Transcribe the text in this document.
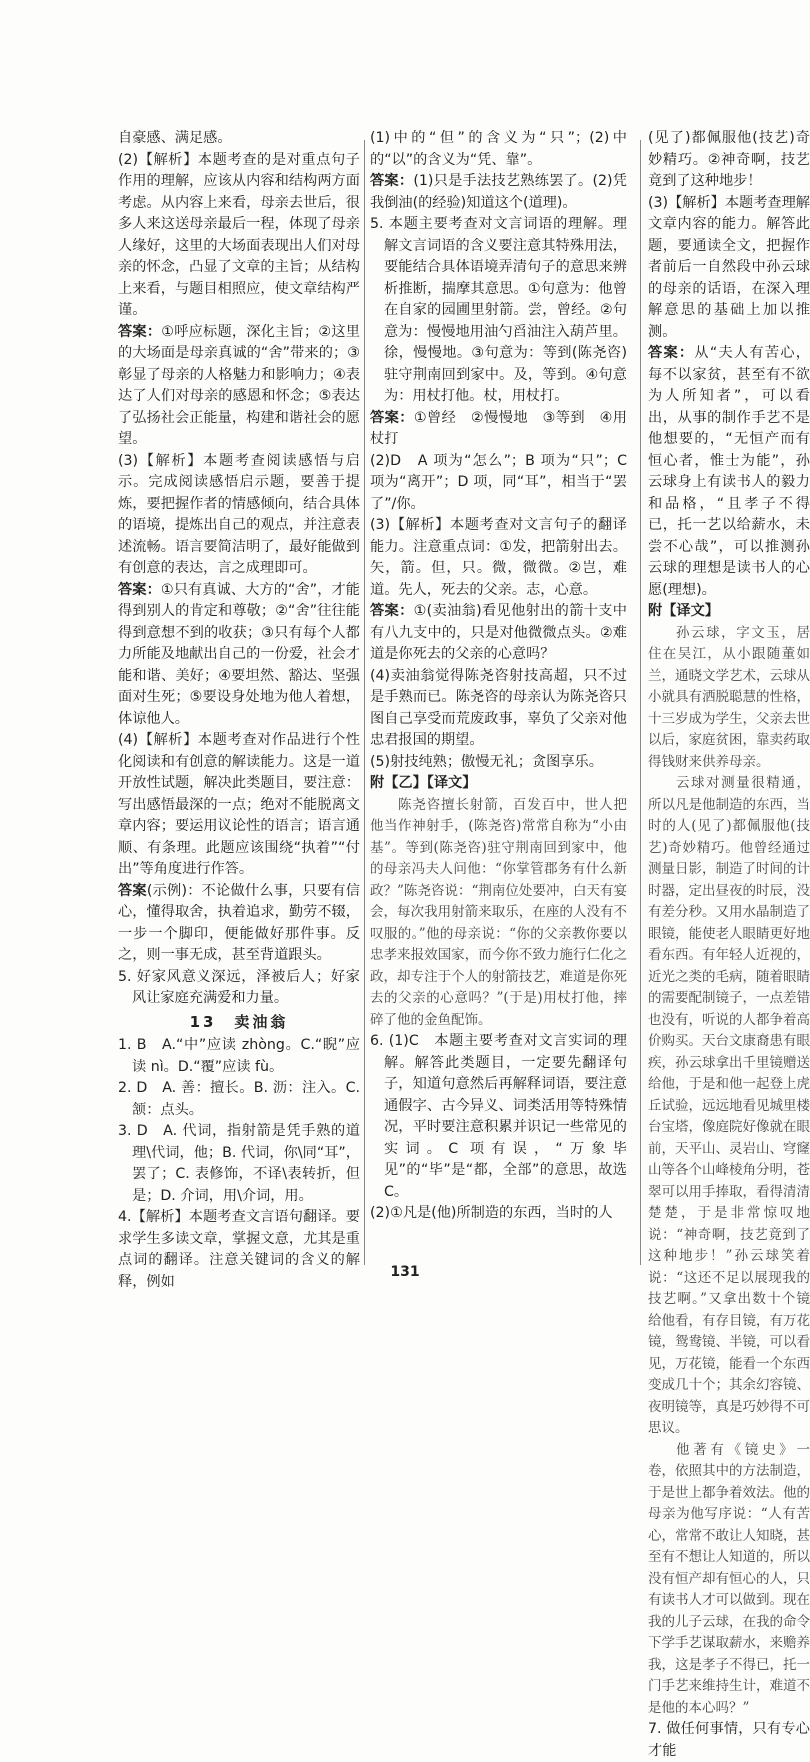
自豪感、满足感。

(2)【解析】本题考查的是对重点句子作用的理解，应该从内容和结构两方面考虑。从内容上来看，母亲去世后，很多人来这送母亲最后一程，体现了母亲人缘好，这里的大场面表现出人们对母亲的怀念，凸显了文章的主旨；从结构上来看，与题目相照应，使文章结构严谨。

答案：①呼应标题，深化主旨；②这里的大场面是母亲真诚的“舍”带来的；③彰显了母亲的人格魅力和影响力；④表达了人们对母亲的感恩和怀念；⑤表达了弘扬社会正能量，构建和谐社会的愿望。

(3)【解析】本题考查阅读感悟与启示。完成阅读感悟启示题，要善于提炼，要把握作者的情感倾向，结合具体的语境，提炼出自己的观点，并注意表述流畅。语言要简洁明了，最好能做到有创意的表达，言之成理即可。

答案：①只有真诚、大方的“舍”，才能得到别人的肯定和尊敬；②“舍”往往能得到意想不到的收获；③只有每个人都力所能及地献出自己的一份爱，社会才能和谐、美好；④要坦然、豁达、坚强面对生死；⑤要设身处地为他人着想，体谅他人。

(4)【解析】本题考查对作品进行个性化阅读和有创意的解读能力。这是一道开放性试题，解决此类题目，要注意：写出感悟最深的一点；绝对不能脱离文章内容；要运用议论性的语言；语言通顺、有条理。此题应该围绕“执着”“付出”等角度进行作答。

答案(示例)：不论做什么事，只要有信心，懂得取舍，执着追求，勤劳不辍，一步一个脚印，便能做好那件事。反之，则一事无成，甚至背道跟头。

5. 好家风意义深远，泽被后人；好家风让家庭充满爱和力量。

13　卖油翁

1. B　A.“中”应读 zhòng。C.“睨”应读 nì。D.“覆”应读 fù。

2. D　A. 善：擅长。B. 沥：注入。C. 颔：点头。

3. D　A. 代词，指射箭是凭手熟的道理\代词，他；B. 代词，你\同“耳”，罢了；C. 表修饰，不译\表转折，但是；D. 介词，用\介词，用。

4.【解析】本题考查文言语句翻译。要求学生多读文章，掌握文意，尤其是重点词的翻译。注意关键词的含义的解释，例如

(1)中的“但”的含义为“只”；(2)中的“以”的含义为“凭、靠”。

答案：(1)只是手法技艺熟练罢了。(2)凭我倒油(的经验)知道这个(道理)。

5. 本题主要考查对文言词语的理解。理解文言词语的含义要注意其特殊用法，要能结合具体语境弄清句子的意思来辨析推断，揣摩其意思。①句意为：他曾在自家的园圃里射箭。尝，曾经。②句意为：慢慢地用油勺舀油注入葫芦里。徐，慢慢地。③句意为：等到(陈尧咨)驻守荆南回到家中。及，等到。④句意为：用杖打他。杖，用杖打。

答案：①曾经　②慢慢地　③等到　④用杖打

(2)D　A 项为“怎么”；B 项为“只”；C 项为“离开”；D 项，同“耳”，相当于“罢了”/你。

(3)【解析】本题考查对文言句子的翻译能力。注意重点词：①发，把箭射出去。矢，箭。但，只。微，微微。②岂，难道。先人，死去的父亲。志，心意。

答案：①(卖油翁)看见他射出的箭十支中有八九支中的，只是对他微微点头。②难道是你死去的父亲的心意吗？

(4)卖油翁觉得陈尧咨射技高超，只不过是手熟而已。陈尧咨的母亲认为陈尧咨只图自己享受而荒废政事，辜负了父亲对他忠君报国的期望。

(5)射技纯熟；傲慢无礼；贪图享乐。

附【乙】【译文】

陈尧咨擅长射箭，百发百中，世人把他当作神射手，(陈尧咨)常常自称为“小由基”。等到(陈尧咨)驻守荆南回到家中，他的母亲冯夫人问他：“你掌管郡务有什么新政？”陈尧咨说：“荆南位处要冲，白天有宴会，每次我用射箭来取乐，在座的人没有不叹服的。”他的母亲说：“你的父亲教你要以忠孝来报效国家，而今你不致力施行仁化之政，却专注于个人的射箭技艺，难道是你死去的父亲的心意吗？”(于是)用杖打他，摔碎了他的金鱼配饰。

6. (1)C　本题主要考查对文言实词的理解。解答此类题目，一定要先翻译句子，知道句意然后再解释词语，要注意通假字、古今异义、词类活用等特殊情况，平时要注意积累并识记一些常见的实词。C 项有误，“万象毕见”的“毕”是“都，全部”的意思，故选 C。

(2)①凡是(他)所制造的东西，当时的人

(见了)都佩服他(技艺)奇妙精巧。②神奇啊，技艺竟到了这种地步！

(3)【解析】本题考查理解文章内容的能力。解答此题，要通读全文，把握作者前后一自然段中孙云球的母亲的话语，在深入理解意思的基础上加以推测。

答案：从“夫人有苦心，每不以家贫，甚至有不欲为人所知者”，可以看出，从事的制作手艺不是他想要的，“无恒产而有恒心者，惟士为能”，孙云球身上有读书人的毅力和品格，“且孝子不得已，托一艺以给薪水，未尝不心哉”，可以推测孙云球的理想是读书人的心愿(理想)。

附【译文】

孙云球，字文玉，居住在吴江，从小跟随董如兰，通晓文学艺术，云球从小就具有洒脱聪慧的性格，十三岁成为学生，父亲去世以后，家庭贫困，靠卖药取得钱财来供养母亲。

云球对测量很精通，所以凡是他制造的东西，当时的人(见了)都佩服他(技艺)奇妙精巧。他曾经通过测量日影，制造了时间的计时器，定出昼夜的时辰，没有差分秒。又用水晶制造了眼镜，能使老人眼睛更好地看东西。有年轻人近视的，近光之类的毛病，随着眼睛的需要配制镜子，一点差错也没有，听说的人都争着高价购买。天台文康裔患有眼疾，孙云球拿出千里镜赠送给他，于是和他一起登上虎丘试验，远远地看见城里楼台宝塔，像庭院好像就在眼前，天平山、灵岩山、穹窿山等各个山峰棱角分明，苍翠可以用手捧取，看得清清楚楚，于是非常惊叹地说：“神奇啊，技艺竟到了这种地步！”孙云球笑着说：“这还不足以展现我的技艺啊。”又拿出数十个镜给他看，有存目镜，有万花镜，鸳鸯镜、半镜，可以看见，万花镜，能看一个东西变成几十个；其余幻容镜、夜明镜等，真是巧妙得不可思议。

他著有《镜史》一卷，依照其中的方法制造，于是世上都争着效法。他的母亲为他写序说：“人有苦心，常常不敢让人知晓，甚至有不想让人知道的，所以没有恒产却有恒心的人，只有读书人才可以做到。现在我的儿子云球，在我的命令下学手艺谋取薪水，来赡养我，这是孝子不得已，托一门手艺来维持生计，难道不是他的本心吗？”

7. 做任何事情，只有专心才能

131
